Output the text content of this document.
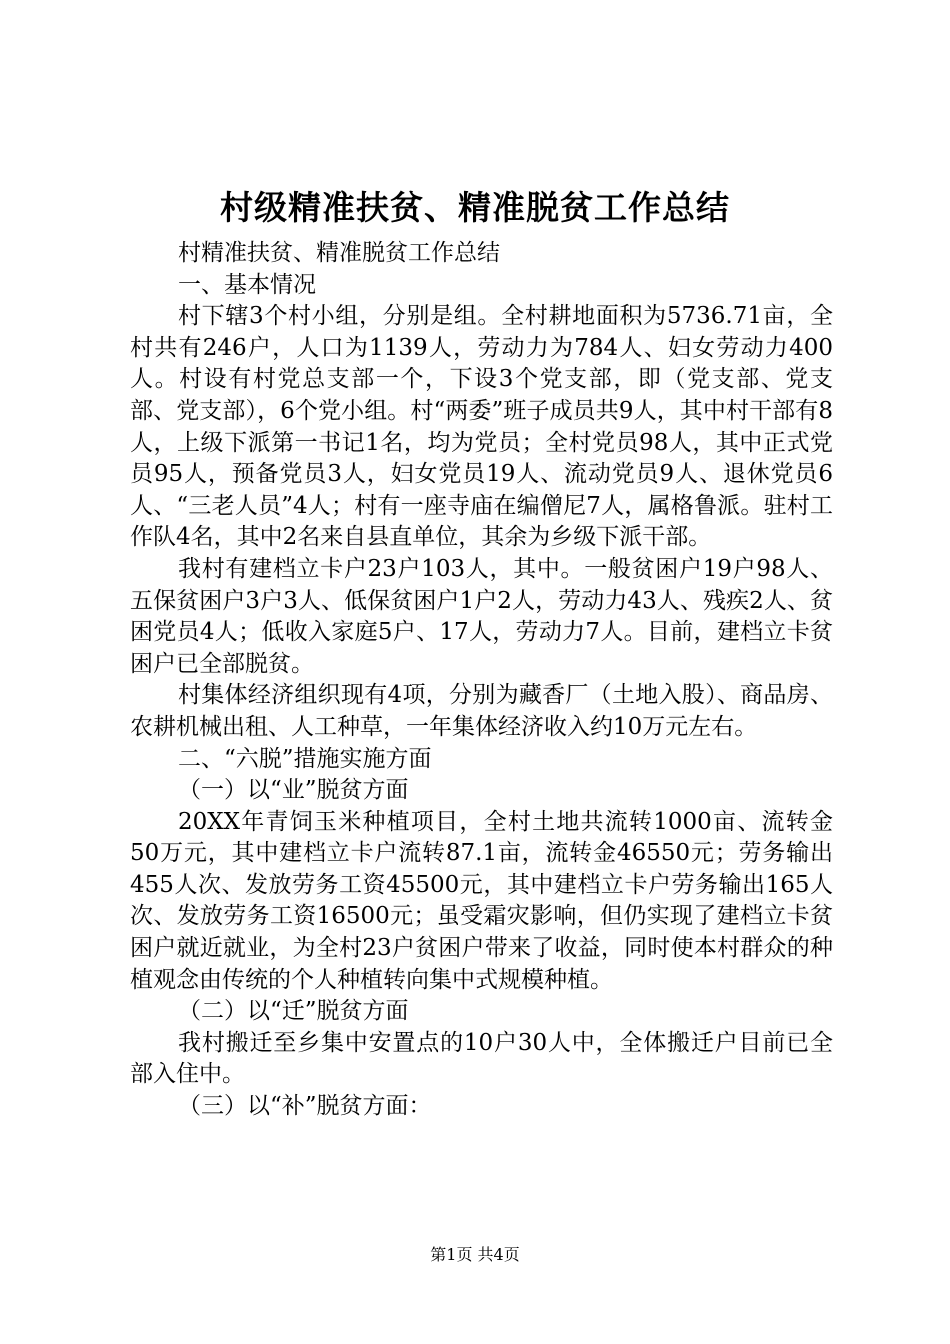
村级精准扶贫、精准脱贫工作总结

村精准扶贫、精准脱贫工作总结

一、基本情况

村下辖3个村小组，分别是组。全村耕地面积为5736.71亩，全村共有246户，人口为1139人，劳动力为784人、妇女劳动力400人。村设有村党总支部一个，下设3个党支部，即（党支部、党支部、党支部），6个党小组。村“两委”班子成员共9人，其中村干部有8人，上级下派第一书记1名，均为党员；全村党员98人，其中正式党员95人，预备党员3人，妇女党员19人、流动党员9人、退休党员6人、“三老人员”4人；村有一座寺庙在编僧尼7人，属格鲁派。驻村工作队4名，其中2名来自县直单位，其余为乡级下派干部。

我村有建档立卡户23户103人，其中。一般贫困户19户98人、五保贫困户3户3人、低保贫困户1户2人，劳动力43人、残疾2人、贫困党员4人；低收入家庭5户、17人，劳动力7人。目前，建档立卡贫困户已全部脱贫。

村集体经济组织现有4项，分别为藏香厂（土地入股）、商品房、农耕机械出租、人工种草，一年集体经济收入约10万元左右。

二、“六脱”措施实施方面

（一）以“业”脱贫方面

20XX年青饲玉米种植项目，全村土地共流转1000亩、流转金50万元，其中建档立卡户流转87.1亩，流转金46550元；劳务输出455人次、发放劳务工资45500元，其中建档立卡户劳务输出165人次、发放劳务工资16500元；虽受霜灾影响，但仍实现了建档立卡贫困户就近就业，为全村23户贫困户带来了收益，同时使本村群众的种植观念由传统的个人种植转向集中式规模种植。

（二）以“迁”脱贫方面

我村搬迁至乡集中安置点的10户30人中，全体搬迁户目前已全部入住中。

（三）以“补”脱贫方面：

第1页 共4页
